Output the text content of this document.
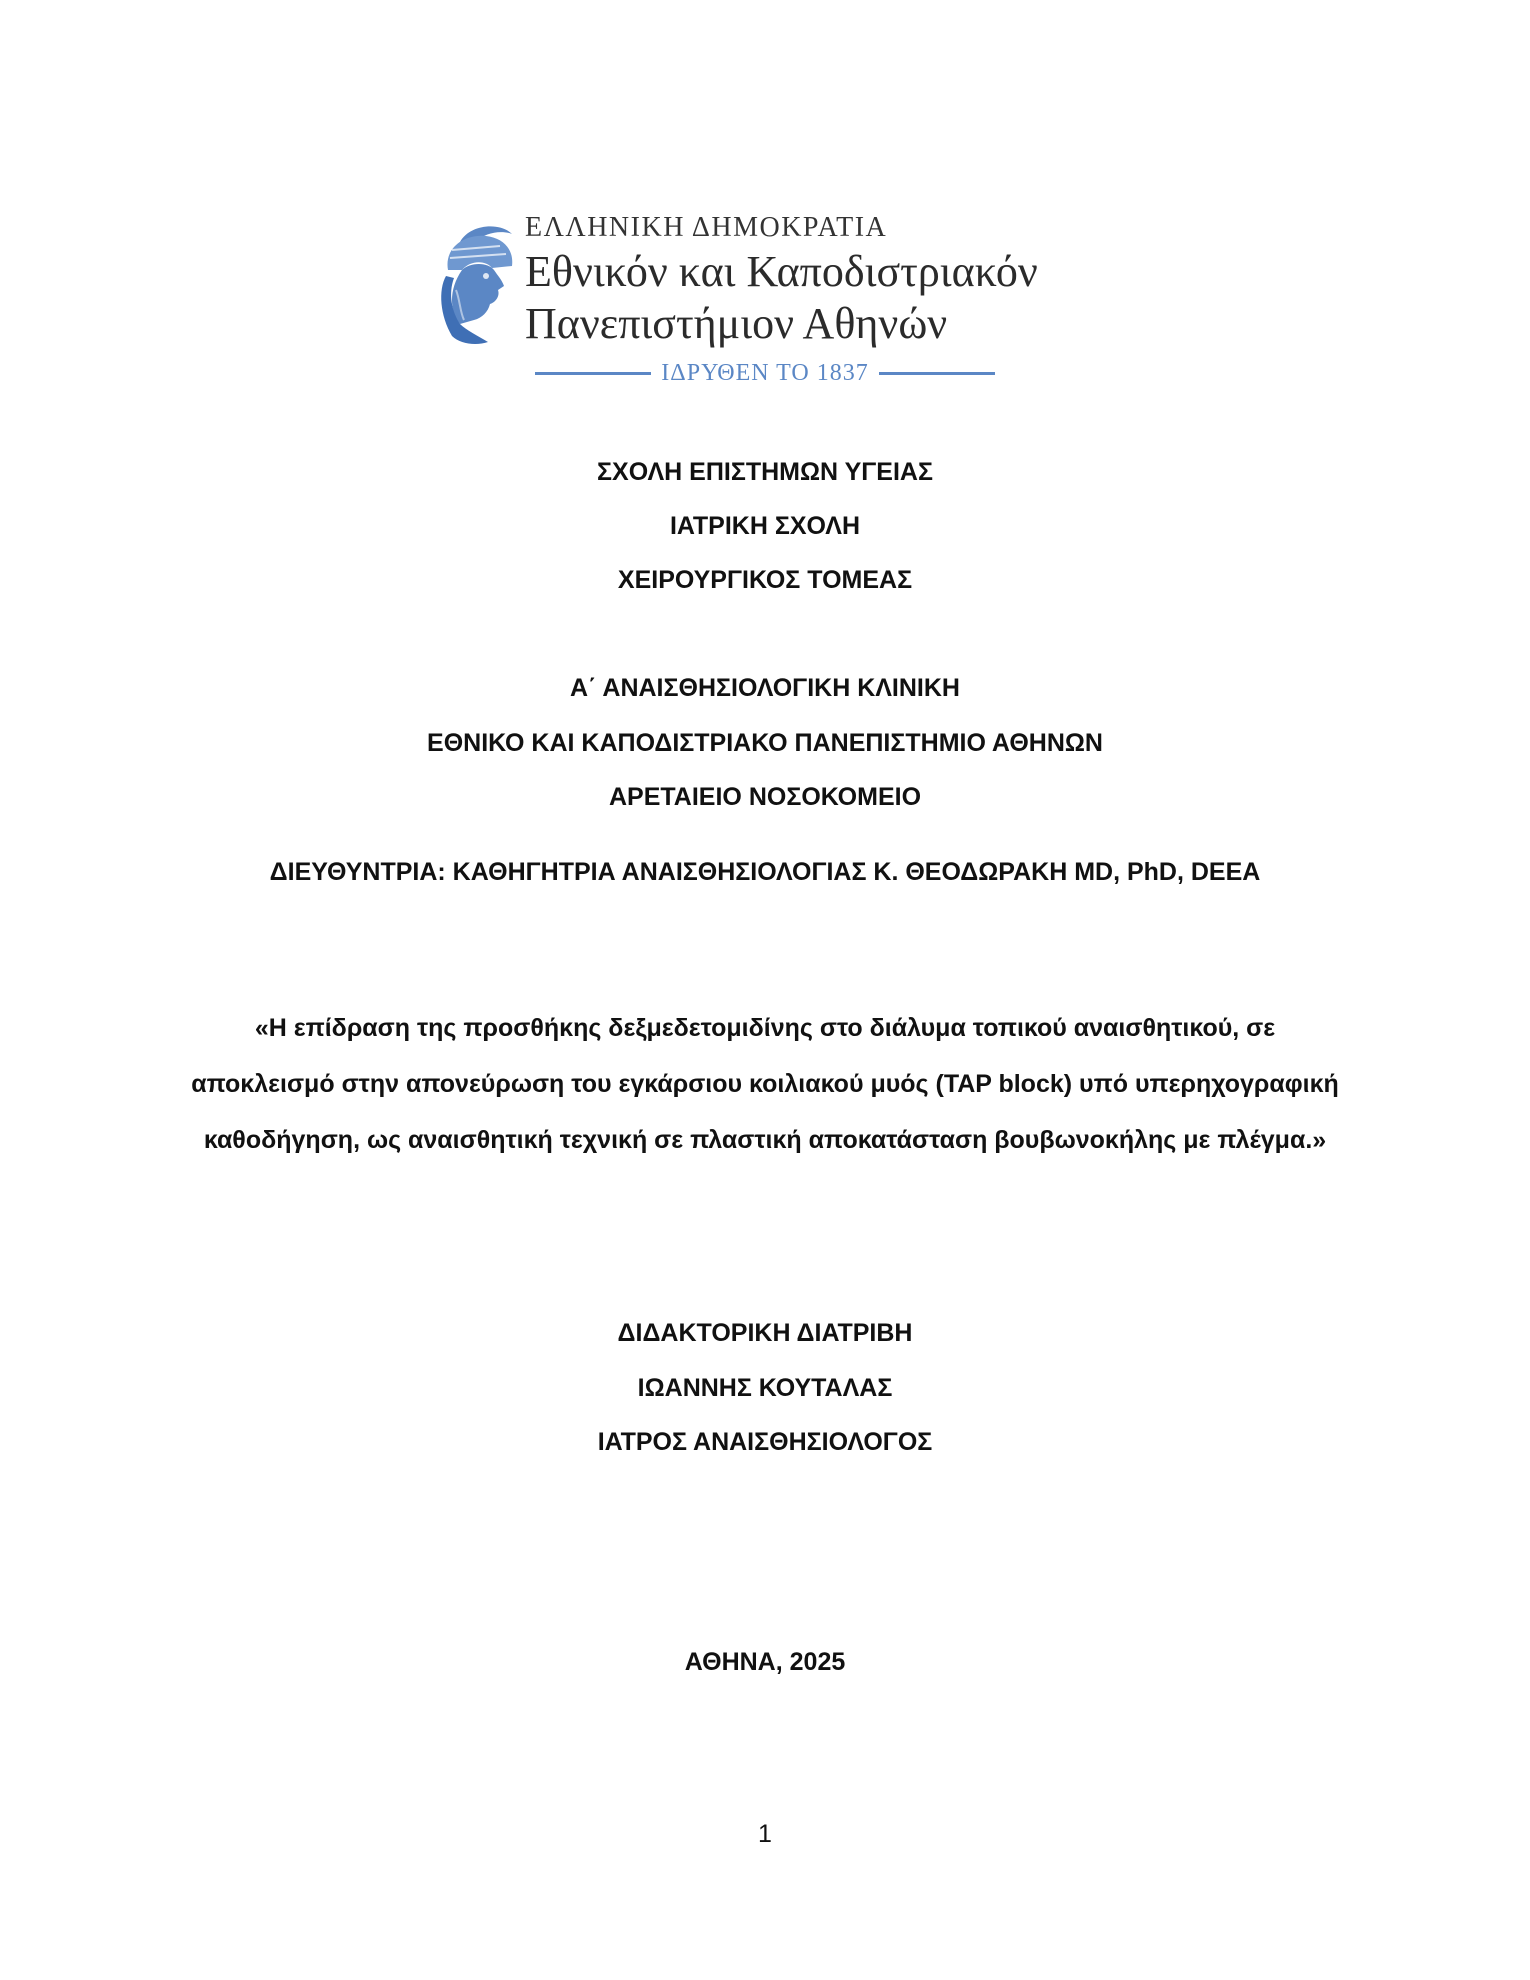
ΕΛΛΗΝΙΚΗ ΔΗΜΟΚΡΑΤΙΑ
Εθνικόν και Καποδιστριακόν
Πανεπιστήμιον Αθηνών
ΙΔΡΥΘΕΝ ΤΟ 1837
ΣΧΟΛΗ ΕΠΙΣΤΗΜΩΝ ΥΓΕΙΑΣ
ΙΑΤΡΙΚΗ ΣΧΟΛΗ
ΧΕΙΡΟΥΡΓΙΚΟΣ ΤΟΜΕΑΣ
Α΄ ΑΝΑΙΣΘΗΣΙΟΛΟΓΙΚΗ ΚΛΙΝΙΚΗ
ΕΘΝΙΚΟ ΚΑΙ ΚΑΠΟΔΙΣΤΡΙΑΚΟ ΠΑΝΕΠΙΣΤΗΜΙΟ ΑΘΗΝΩΝ
ΑΡΕΤΑΙΕΙΟ ΝΟΣΟΚΟΜΕΙΟ
ΔΙΕΥΘΥΝΤΡΙΑ: ΚΑΘΗΓΗΤΡΙΑ ΑΝΑΙΣΘΗΣΙΟΛΟΓΙΑΣ Κ. ΘΕΟΔΩΡΑΚΗ MD, PhD, DEEA
«Η επίδραση της προσθήκης δεξμεδετομιδίνης στο διάλυμα τοπικού αναισθητικού, σε αποκλεισμό στην απονεύρωση του εγκάρσιου κοιλιακού μυός (TAP block) υπό υπερηχογραφική καθοδήγηση, ως αναισθητική τεχνική σε πλαστική αποκατάσταση βουβωνοκήλης με πλέγμα.»
ΔΙΔΑΚΤΟΡΙΚΗ ΔΙΑΤΡΙΒΗ
ΙΩΑΝΝΗΣ ΚΟΥΤΑΛΑΣ
ΙΑΤΡΟΣ ΑΝΑΙΣΘΗΣΙΟΛΟΓΟΣ
ΑΘΗΝΑ, 2025
1
